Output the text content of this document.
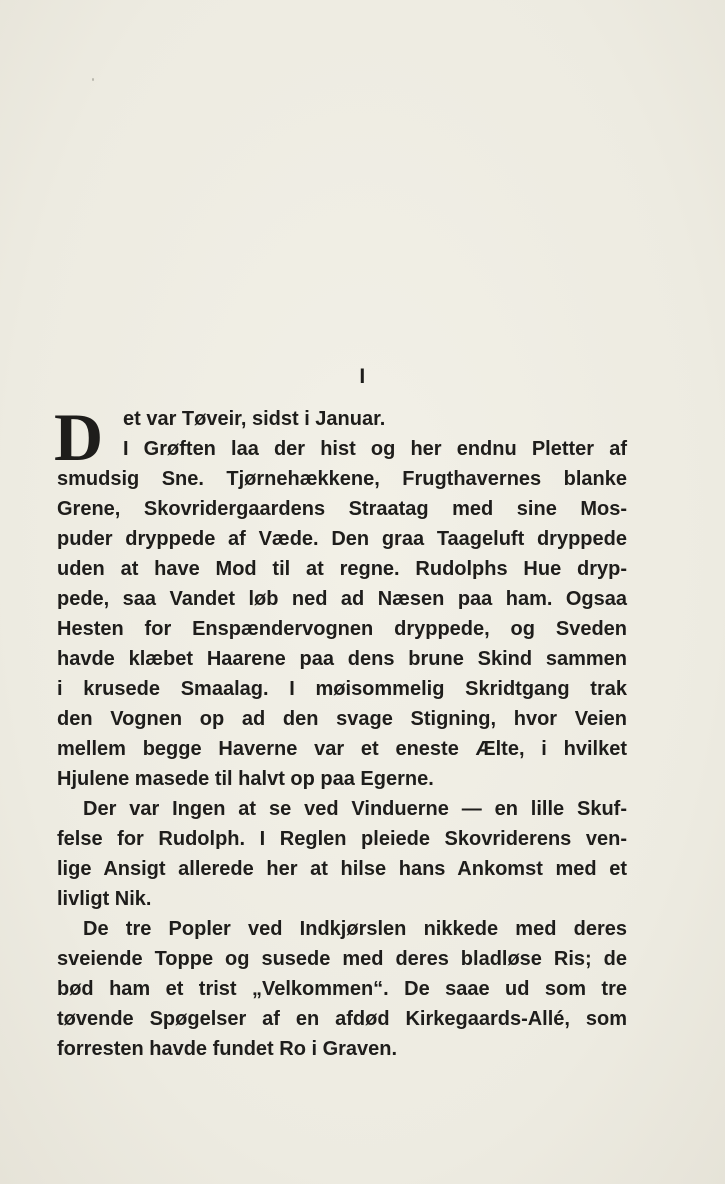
I
D et var Tøveir, sidst i Januar.
I Grøften laa der hist og her endnu Pletter af
smudsig Sne. Tjørnehækkene, Frugthavernes blanke
Grene, Skovridergaardens Straatag med sine Mos-
puder dryppede af Væde. Den graa Taageluft dryppede
uden at have Mod til at regne. Rudolphs Hue dryp-
pede, saa Vandet løb ned ad Næsen paa ham. Ogsaa
Hesten for Enspændervognen dryppede, og Sveden
havde klæbet Haarene paa dens brune Skind sammen
i krusede Smaalag. I møisommelig Skridtgang trak
den Vognen op ad den svage Stigning, hvor Veien
mellem begge Haverne var et eneste Ælte, i hvilket
Hjulene masede til halvt op paa Egerne.
Der var Ingen at se ved Vinduerne — en lille Skuf-
felse for Rudolph. I Reglen pleiede Skovriderens ven-
lige Ansigt allerede her at hilse hans Ankomst med et
livligt Nik.
De tre Popler ved Indkjørslen nikkede med deres
sveiende Toppe og susede med deres bladløse Ris; de
bød ham et trist „Velkommen“. De saae ud som tre
tøvende Spøgelser af en afdød Kirkegaards-Allé, som
forresten havde fundet Ro i Graven.
